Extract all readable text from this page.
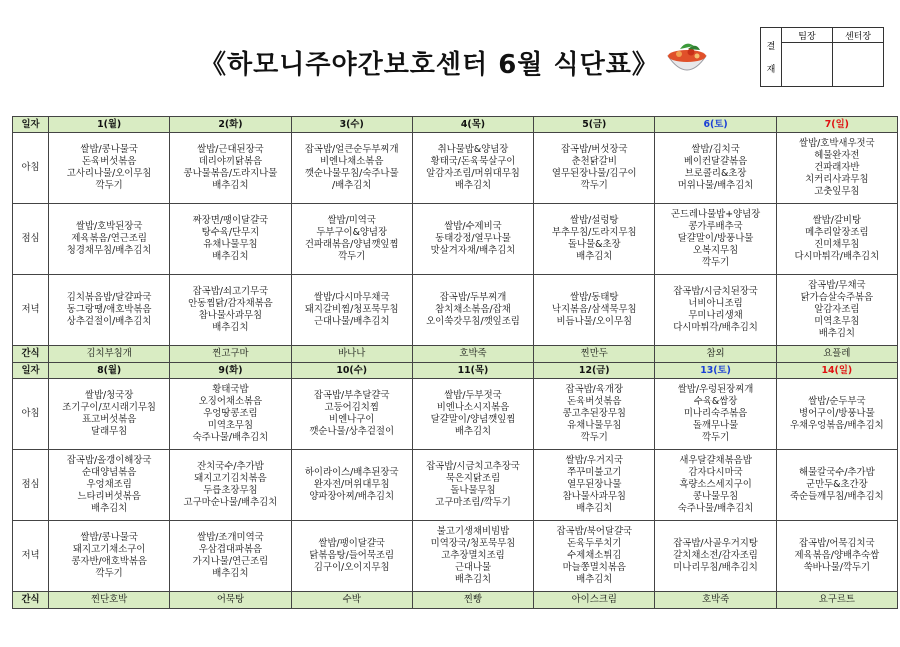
《하모니주야간보호센터 6월 식단표》
결
재	팀장	센터장

일자	1(월)	2(화)	3(수)	4(목)	5(금)	6(토)	7(일)
아침	쌀밥/콩나물국
돈육버섯볶음
고사리나물/오이무침
깍두기	쌀밥/근대된장국
데리야끼닭볶음
콩나물볶음/도라지나물
배추김치	잡곡밥/얼큰순두부찌개
비엔나채소볶음
깻순나물무침/숙주나물
/배추김치	취나물밥&양념장
황태국/돈육묵살구이
알감자조림/머위대무침
배추김치	잡곡밥/버섯장국
춘천닭갈비
열무된장나물/김구이
깍두기	쌀밥/김치국
베이컨달걀볶음
브로콜리&초장
머위나물/배추김치	쌀밥/호박새우젓국
헤물완자전
건파래자반
치커리사과무침
고춧잎무침

점심	쌀밥/호박된장국
제육볶음/연근조림
청경채무침/배추김치	짜장면/팽이달걀국
탕수육/단무지
유채나물무침
배추김치	쌀밥/미역국
두부구이&양념장
건파래볶음/양념깻잎찜
깍두기	쌀밥/수제비국
동태강정/열무나물
맛살겨자채/배추김치	쌀밥/설렁탕
부추무침/도라지무침
돌나물&초장
배추김치	곤드레나물밥+양념장
콩가루배추국
달걀말이/방풍나물
오복지무침
깍두기	쌀밥/갈비탕
메추리알장조림
진미채무침
다시마튀각/배추김치

저녁	김치볶음밥/달걀파국
동그랑땡/애호박볶음
상추겉절이/배추김치	잡곡밥/쇠고기무국
안동찜닭/감자채볶음
참나물사과무침
배추김치	쌀밥/다시마무채국
돼지갈비찜/청포묵무침
근대나물/배추김치	잡곡밥/두부찌개
참치채소볶음/잡채
오이쑥갓무침/깻잎조림	쌀밥/동태탕
낙지볶음/삼색묵무침
비듬나물/오이무침	잡곡밥/시금치된장국
너비아니조림
무미나리생채
다시마튀각/배추김치	잡곡밥/무채국
닭가슴살숙주볶음
알감자조림
미역초무침
배추김치

간식	김치부침개	찐고구마	바나나	호박죽	찐만두	참외	요플레
일자	8(월)	9(화)	10(수)	11(목)	12(금)	13(토)	14(일)
아침	쌀밥/청국장
조기구이/꼬시래기무침
표고버섯볶음
달래무침	황태국밥
오징어채소볶음
우엉땅콩조림
미역초무침
숙주나물/배추김치	잡곡밥/부추달걀국
고등어김치찜
비엔나구이
깻순나물/상추겉절이	쌀밥/두부젓국
비엔나소시지볶음
달걀말이/양념깻잎찜
배추김치	잡곡밥/육개장
돈육버섯볶음
콩고추된장무침
유채나물무침
깍두기	쌀밥/우렁된장찌개
수육&쌈장
미나리숙주볶음
돌깨무나물
깍두기	쌀밥/순두부국
병어구이/방풍나물
우채우엉볶음/배추김치

점심	잡곡밥/올갱이해장국
순대양념볶음
우엉채조림
느타리버섯볶음
배추김치	잔치국수/추가밥
돼지고기김치볶음
두릅초장무침
고구마순나물/배추김치	하이라이스/배추된장국
완자전/머위대무침
양파장아찌/배추김치	잡곡밥/시금치고추장국
묵은지닭조림
돌나물무침
고구마조림/깍두기	쌀밥/우거지국
쭈꾸미불고기
열무된장나물
참나물사과무침
배추김치	새우달걀채볶음밥
감자다시마국
흑량소스세지구이
콩나물무침
숙주나물/배추김치	해물칼국수/추가밥
군만두&초간장
죽순들깨무침/배추김치

저녁	쌀밥/콩나물국
돼지고기채소구이
콩자반/애호박볶음
깍두기	쌀밥/조개미역국
우삼겹대파볶음
가지나물/연근조림
배추김치	쌀밥/팽이달걀국
닭볶음탕/들어묵조림
김구이/오이지무침	불고기생채비빔밥
미역장국/청포묵무침
고추장멸치조림
근대나물
배추김치	잡곡밥/북어달걀국
돈육두루치기
수제채소튀김
마늘쫑멸치볶음
배추김치	잡곡밥/사골우거지탕
갈치채소전/감자조림
미나리무침/배추김치	잡곡밥/어묵김치국
제육볶음/양배추숙쌈
쑥바나물/깍두기

간식	찐단호박	어묵탕	수박	찐빵	아이스크림	호박죽	요구르트
